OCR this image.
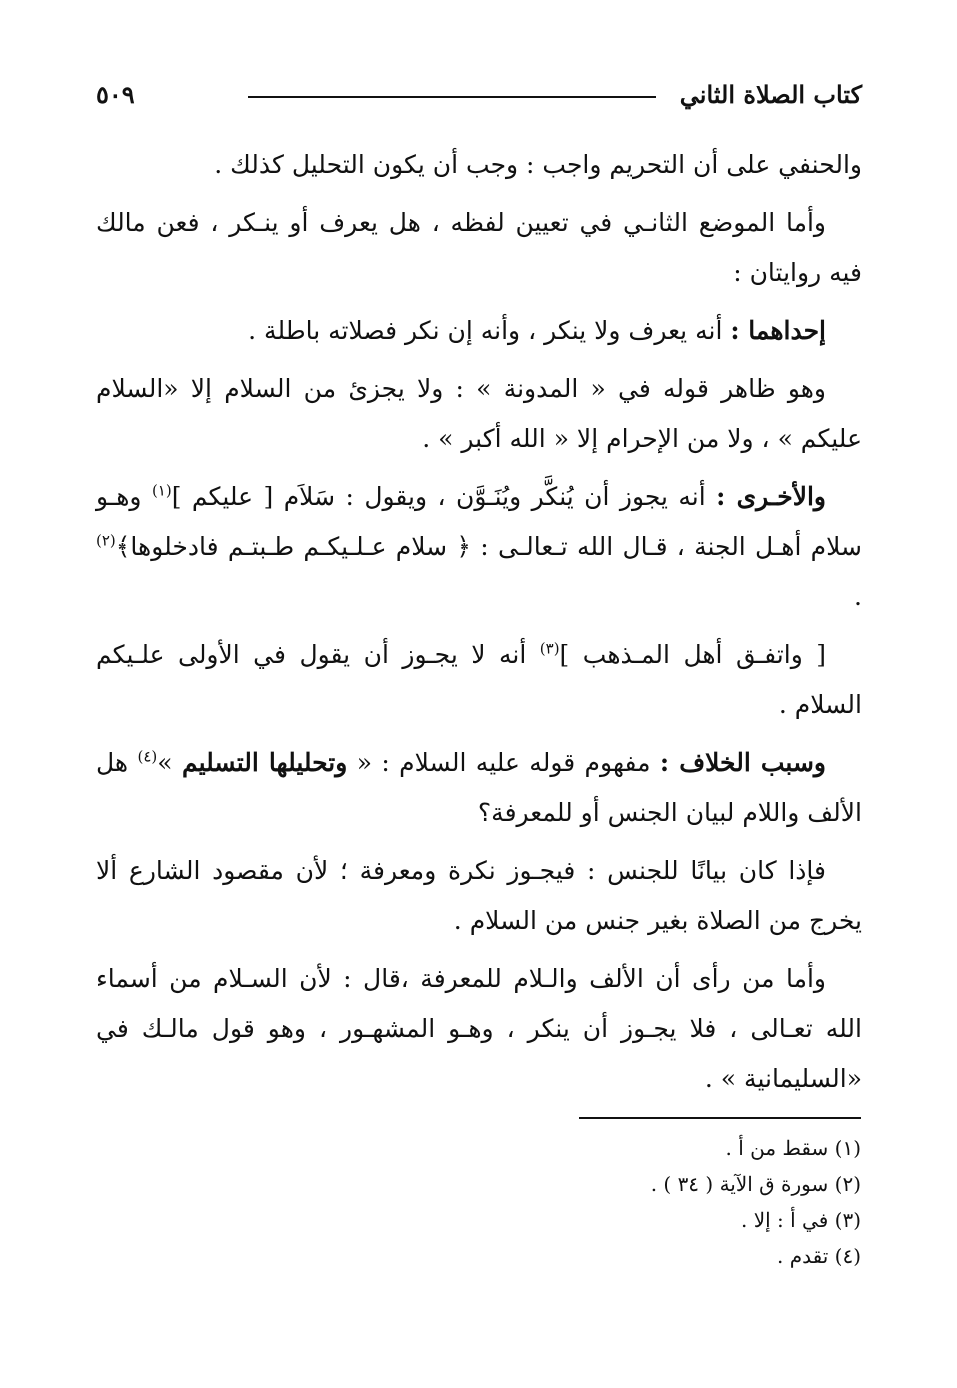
كتاب الصلاة الثاني
٥٠٩

والحنفي على أن التحريم واجب : وجب أن يكون التحليل كذلك .

وأما الموضع الثانـي في تعيين لفظه ، هل يعرف أو ينـكر ، فعن مالك فيه روايتان :

إحداهما : أنه يعرف ولا ينكر ، وأنه إن نكر فصلاته باطلة .

وهو ظاهر قوله في « المدونة » : ولا يجزئ من السلام إلا «السلام عليكم » ، ولا من الإحرام إلا « الله أكبر » .

والأخـرى : أنه يجوز أن يُنكَّر ويُنَـوَّن ، ويقول : سَلاَم [ عليكم ]$^{(١)}$ وهـو سلام أهـل الجنة ، قـال الله تـعالـى : ﴿ سلام عـلـيكـم طـبتـم فادخلوها﴾$^{(٢)}$ .

[ واتفـق أهل المـذهب ]$^{(٣)}$ أنه لا يجـوز أن يقول في الأولى علـيكم السلام .

وسبب الخلاف : مفهوم قوله عليه السلام : « وتحليلها التسليم »$^{(٤)}$ هل الألف واللام لبيان الجنس أو للمعرفة؟

فإذا كان بيانًا للجنس : فيجـوز نكرة ومعرفة ؛ لأن مقصود الشارع ألا يخرج من الصلاة بغير جنس من السلام .

وأما من رأى أن الألف والـلام للمعرفة ،قال : لأن السـلام من أسماء الله تعـالى ، فلا يجـوز أن ينكر ، وهـو المشهـور ، وهو قول مالـك في «السليمانية » .

(١) سقط من أ .

(٢) سورة ق الآية ( ٣٤ ) .

(٣) في أ : إلا .

(٤) تقدم .
